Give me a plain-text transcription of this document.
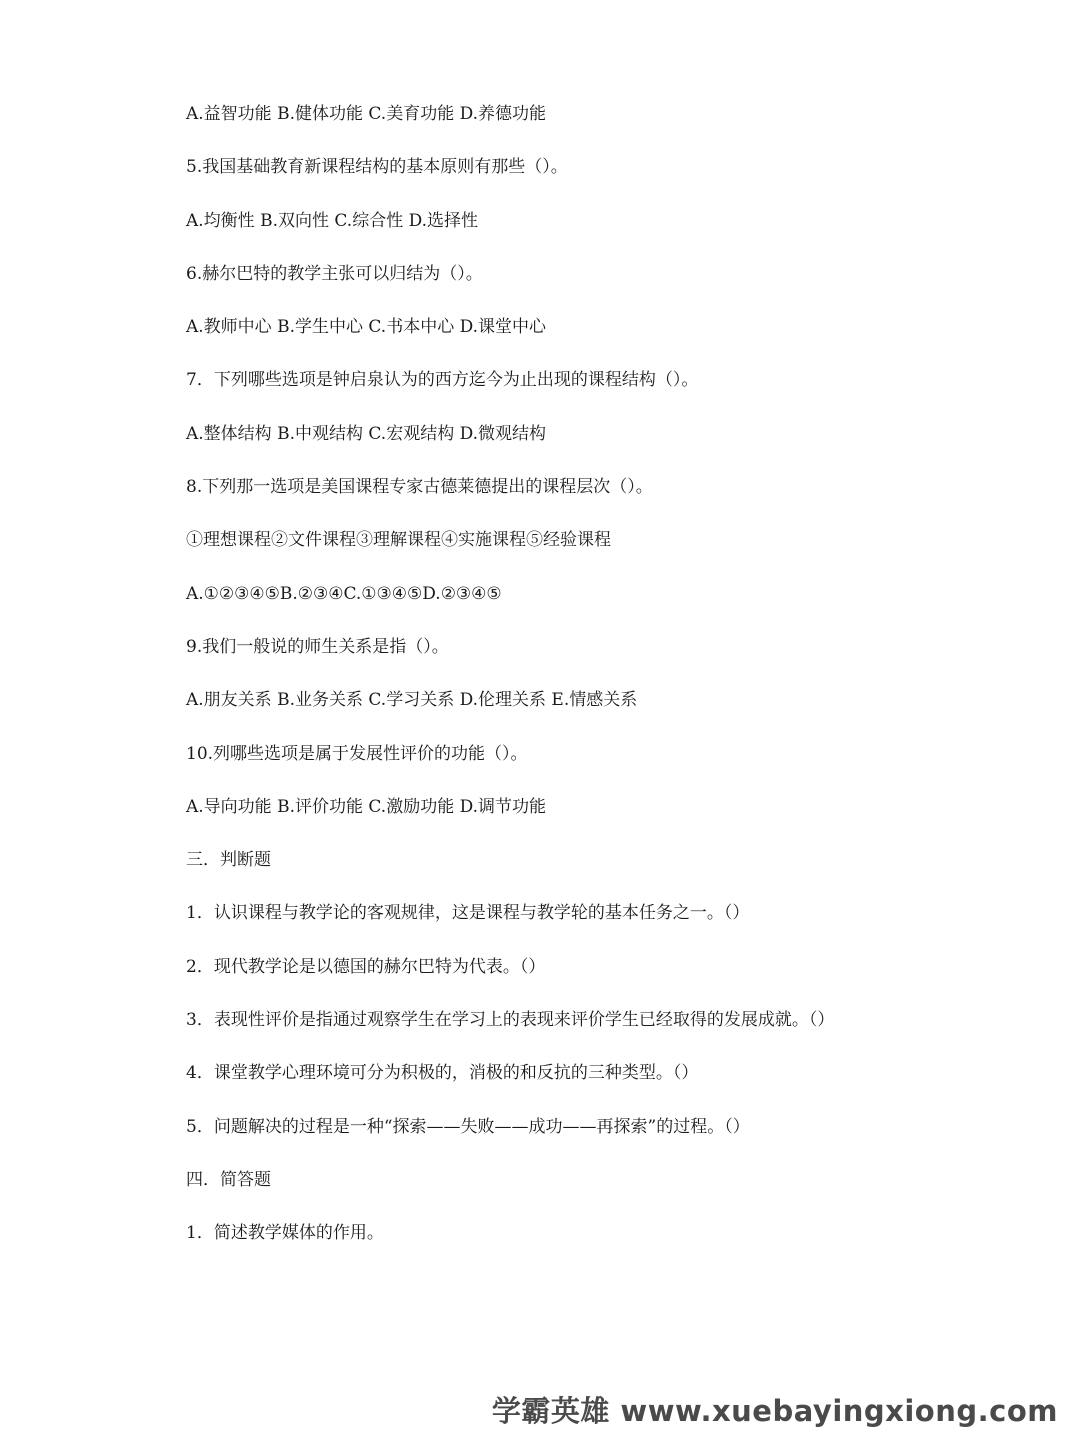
A.益智功能 B.健体功能 C.美育功能 D.养德功能
5.我国基础教育新课程结构的基本原则有那些（）。
A.均衡性 B.双向性 C.综合性 D.选择性
6.赫尔巴特的教学主张可以归结为（）。
A.教师中心 B.学生中心 C.书本中心 D.课堂中心
7．下列哪些选项是钟启泉认为的西方迄今为止出现的课程结构（）。
A.整体结构 B.中观结构 C.宏观结构 D.微观结构
8.下列那一选项是美国课程专家古德莱德提出的课程层次（）。
①理想课程②文件课程③理解课程④实施课程⑤经验课程
A.①②③④⑤B.②③④C.①③④⑤D.②③④⑤
9.我们一般说的师生关系是指（）。
A.朋友关系 B.业务关系 C.学习关系 D.伦理关系 E.情感关系
10.列哪些选项是属于发展性评价的功能（）。
A.导向功能 B.评价功能 C.激励功能 D.调节功能
三．判断题
1．认识课程与教学论的客观规律，这是课程与教学轮的基本任务之一。（）
2．现代教学论是以德国的赫尔巴特为代表。（）
3．表现性评价是指通过观察学生在学习上的表现来评价学生已经取得的发展成就。（）
4．课堂教学心理环境可分为积极的，消极的和反抗的三种类型。（）
5．问题解决的过程是一种“探索——失败——成功——再探索”的过程。（）
四．简答题
1．简述教学媒体的作用。
学霸英雄 www.xuebayingxiong.com
